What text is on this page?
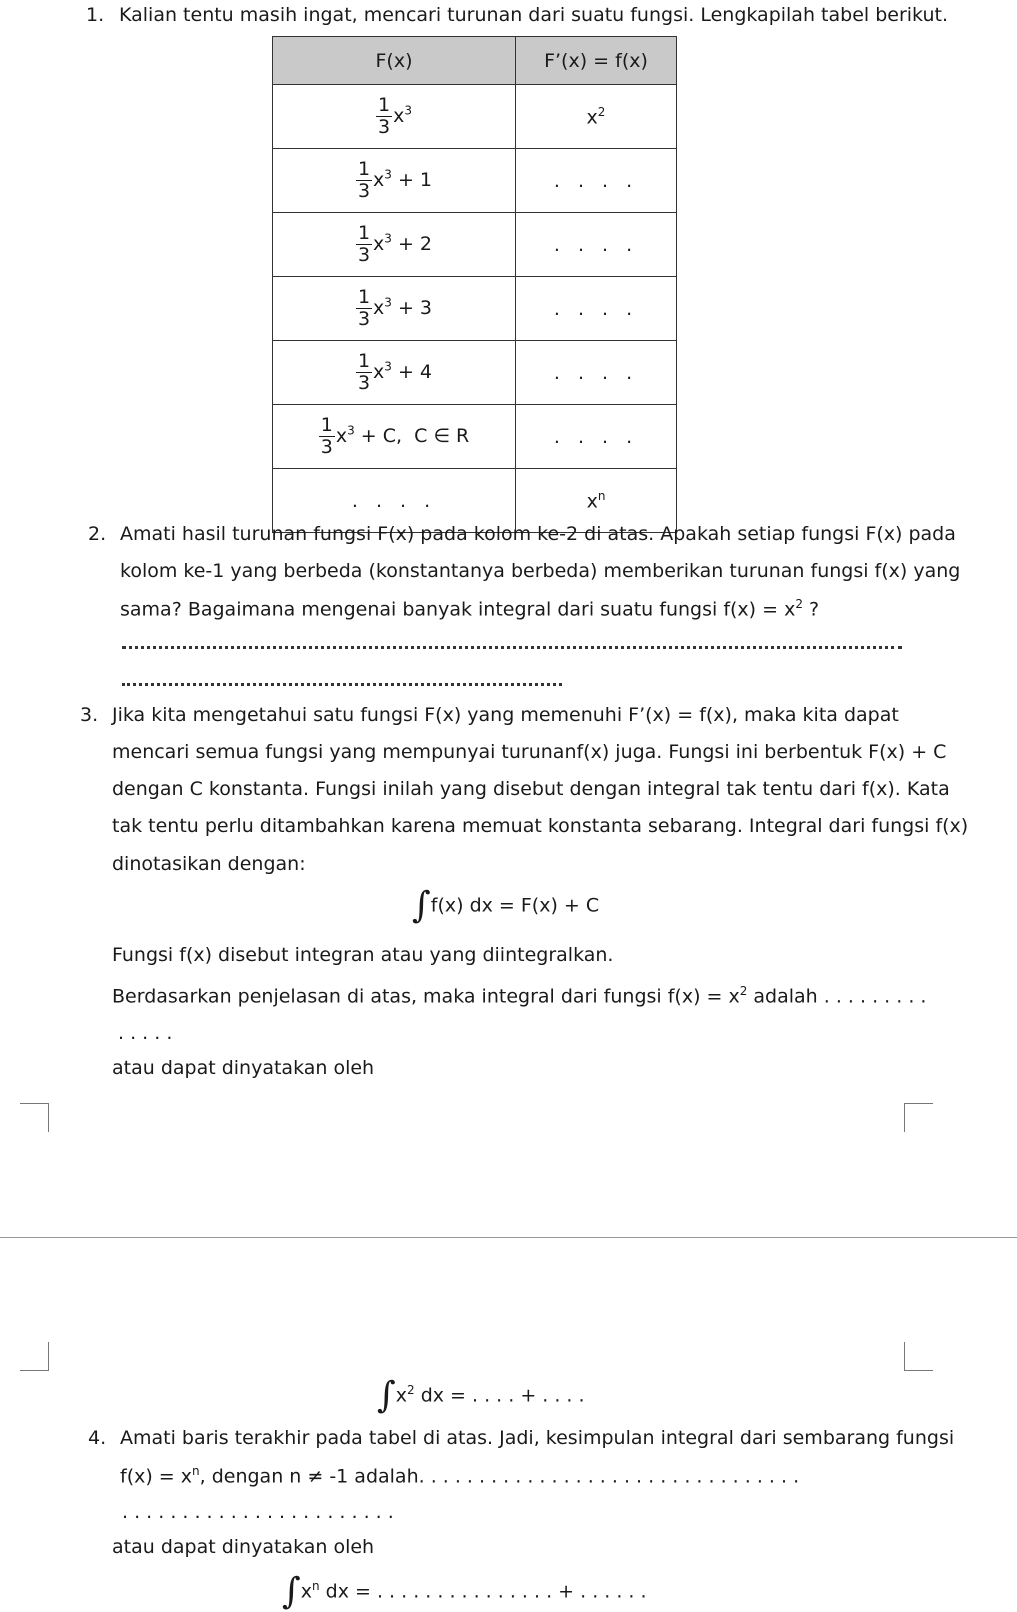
1. Kalian tentu masih ingat, mencari turunan dari suatu fungsi. Lengkapilah tabel berikut.
F(x)	F’(x) = f(x)

$\frac{1}{3} x^3$	$x^2$

$\frac{1}{3} x^3 + 1$	. . . .

$\frac{1}{3} x^3 + 2$	. . . .

$\frac{1}{3} x^3 + 3$	. . . .

$\frac{1}{3} x^3 + 4$	. . . .

$\frac{1}{3} x^3 + C$,  C ∈ R	. . . .
. . . .	$x^n$
2. Amati hasil turunan fungsi F(x) pada kolom ke-2 di atas. Apakah setiap fungsi F(x) pada
kolom ke-1 yang berbeda (konstantanya berbeda) memberikan turunan fungsi f(x) yang
sama? Bagaimana mengenai banyak integral dari suatu fungsi $f(x) = x^2$ ?
3. Jika kita mengetahui satu fungsi F(x) yang memenuhi F’(x) = f(x), maka kita dapat
mencari semua fungsi yang mempunyai turunanf(x) juga. Fungsi ini berbentuk F(x) + C
dengan C konstanta. Fungsi inilah yang disebut dengan integral tak tentu dari f(x). Kata
tak tentu perlu ditambahkan karena memuat konstanta sebarang. Integral dari fungsi f(x)
dinotasikan dengan:
∫f(x) dx = F(x) + C
Fungsi f(x) disebut integran atau yang diintegralkan.
Berdasarkan penjelasan di atas, maka integral dari fungsi $f(x) = x^2$ adalah . . . . . . . . .
. . . . .
atau dapat dinyatakan oleh
$\int x^2$ dx = . . . . + . . . .
4. Amati baris terakhir pada tabel di atas. Jadi, kesimpulan integral dari sembarang fungsi
$f(x) = x^n$, dengan n ≠ -1 adalah. . . . . . . . . . . . . . . . . . . . . . . . . . . . . . . .
. . . . . . . . . . . . . . . . . . . . . . .
atau dapat dinyatakan oleh
$\int x^n$ dx = . . . . . . . . . . . . . . . + . . . . . .
